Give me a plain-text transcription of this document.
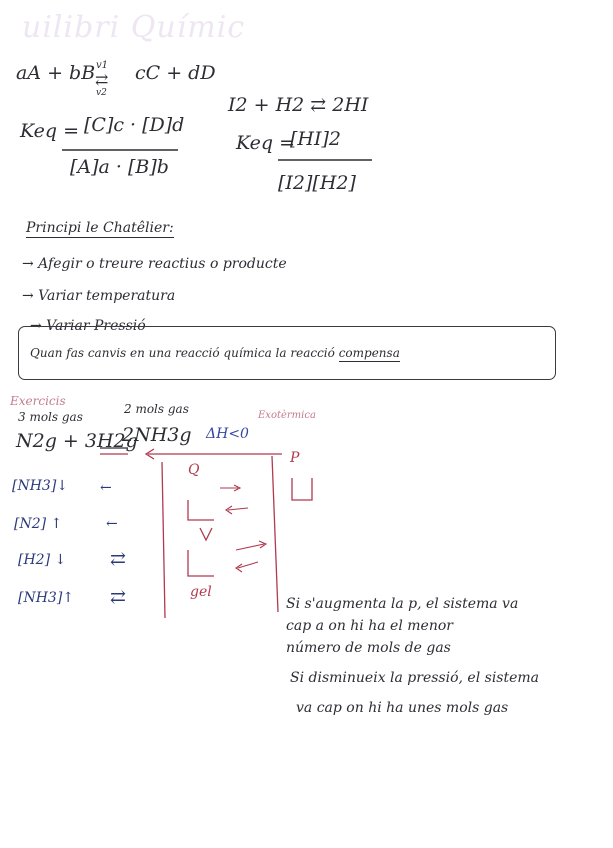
uilibri Químic
aA + bB v1
⇄
v2
cC + dD
Keq = [C]c · [D]d
[A]a · [B]b
I2 + H2 ⇄ 2HI
Keq =
[HI]2
[I2][H2]
Principi le Chatêlier:
→ Afegir o treure reactius o producte
→ Variar temperatura
→ Variar Pressió
Quan fas canvis en una reacció química la reacció compensa
Exercicis
3 mols gas
2 mols gas	Exotèrmica
N2g + 3H2g
2NH3g ΔH<0
[NH3]↓
[N2] ↑
[H2] ↓
[NH3]↑
←
←
⇄
⇄
Q
P
gel
Si s'augmenta la p, el sistema va
cap a on hi ha el menor
número de mols de gas
Si disminueix la pressió, el sistema
va cap on hi ha unes mols gas
